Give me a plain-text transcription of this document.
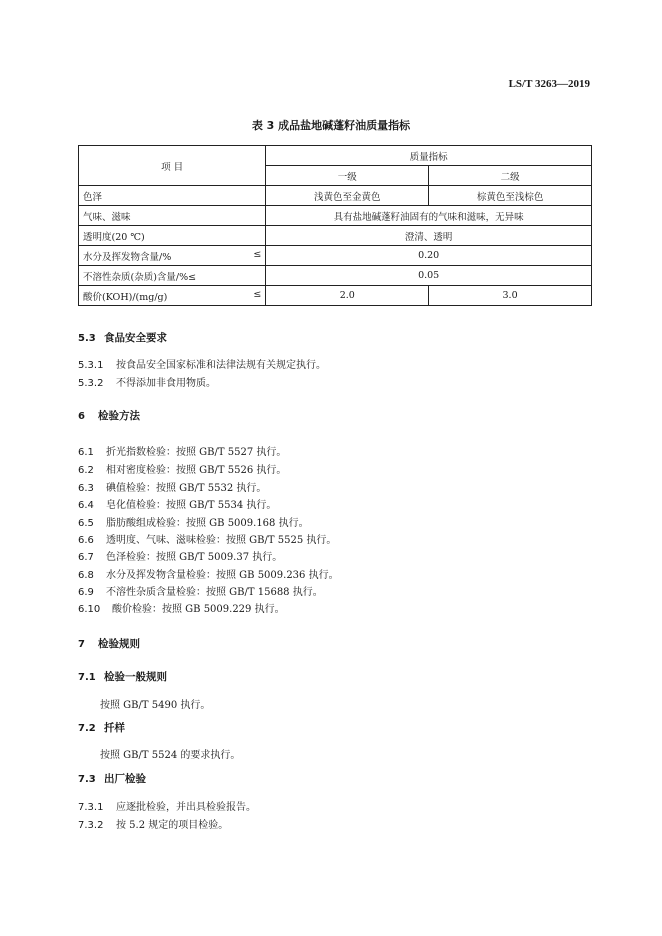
LS/T 3263—2019
表 3 成品盐地碱蓬籽油质量指标
项 目	质量指标	
	一级	二级

色泽	浅黄色至金黄色	棕黄色至浅棕色

气味、滋味	具有盐地碱蓬籽油固有的气味和滋味，无异味	

透明度(20 ℃)	澄清、透明	

水分及挥发物含量/% ≤	0.20	

不溶性杂质(杂质)含量/%≤	0.05	

酸价(KOH)/(mg/g) ≤	2.0	3.0
5.3 食品安全要求
5.3.1 按食品安全国家标准和法律法规有关规定执行。
5.3.2 不得添加非食用物质。
6 检验方法
6.1 折光指数检验：按照 GB/T 5527 执行。
6.2 相对密度检验：按照 GB/T 5526 执行。
6.3 碘值检验：按照 GB/T 5532 执行。
6.4 皂化值检验：按照 GB/T 5534 执行。
6.5 脂肪酸组成检验：按照 GB 5009.168 执行。
6.6 透明度、气味、滋味检验：按照 GB/T 5525 执行。
6.7 色泽检验：按照 GB/T 5009.37 执行。
6.8 水分及挥发物含量检验：按照 GB 5009.236 执行。
6.9 不溶性杂质含量检验：按照 GB/T 15688 执行。
6.10 酸价检验：按照 GB 5009.229 执行。
7 检验规则
7.1 检验一般规则
按照 GB/T 5490 执行。
7.2 扦样
按照 GB/T 5524 的要求执行。
7.3 出厂检验
7.3.1 应逐批检验，并出具检验报告。
7.3.2 按 5.2 规定的项目检验。
